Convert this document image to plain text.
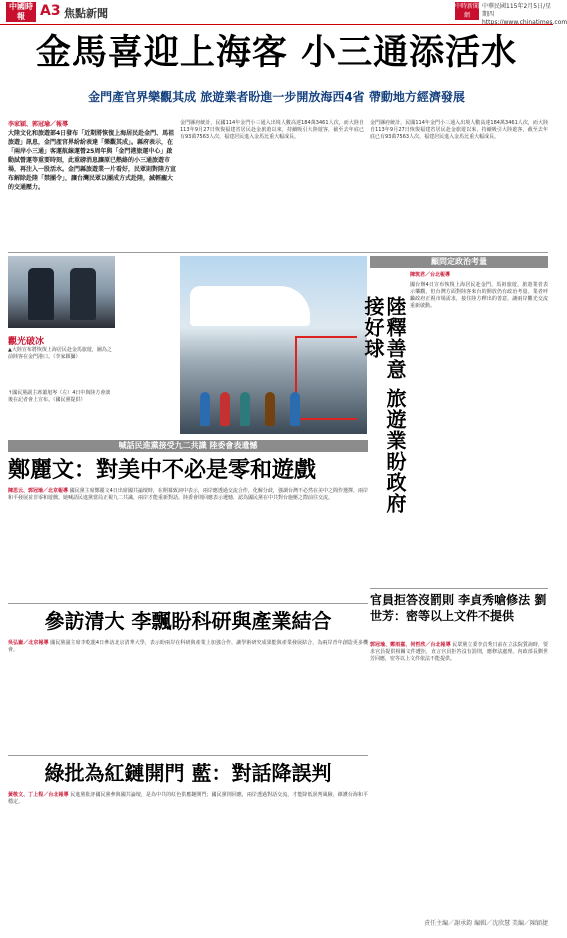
中國時報	A3 焦點新聞
中時新聞網
中華民國115年2月5日/星期四
https://www.chinatimes.com
金馬喜迎上海客 小三通添活水
金門產官界樂觀其成 旅遊業者盼進一步開放海西4省 帶動地方經濟發展
李家穎、郭冠瑜／報導
大陸文化和旅遊部4日發布「近期將恢復上海居民赴金門、馬祖旅遊」訊息，金門產官界紛紛表達「樂觀其成」。縣府表示，在「兩岸小三通」客運航線運營25周年與「金門港旅運中心」啟動試營運等重要時刻，此重磅消息讓原已熱絡的小三通旅遊市場，再注入一股活水。金門縣旅遊業一片看好，民眾則對陸方宣布解除赴陸「禁團令」，讓台灣民眾以團成方式赴陸，減輕龐大的交通壓力。
金門縣府統計，民國114年金門小三通入出境人數高達184萬3461人次，而大陸自113年9月27日恢復福建省居民赴金旅遊以來，持續吸引大陸遊客，截至去年底已有93萬7563人次，福建居民進入金馬比重大幅成長。
金門縣府統計，民國114年金門小三通入出境人數高達184萬3461人次，而大陸自113年9月27日恢復福建省居民赴金旅遊以來，持續吸引大陸遊客，截至去年底已有93萬7563人次，福建居民進入金馬比重大幅成長。
觀光破冰
▲大陸宣布將恢復上海居民赴金馬旅遊，圖為之前陸客在金門港口。（李家穎攝）
↑國民黨副主席蕭旭岑（左）4日中與陸方會談後在記者會上宣布。（國民黨提供）
喊話民進黨接受九二共識 陸委會表遺憾
鄭麗文：對美中不必是零和遊戲
陳思云、郭冠瑜／北京報導 國民黨主席鄭麗文4日出席國共論壇時，在開幕致詞中表示，兩岸應透過交流合作，化解分歧，強調台灣不必然在美中之間作選擇，兩岸和平發展並非零和遊戲。她喊話民進黨當局正視九二共識，兩岸才能重新對話。陸委會則回應表示遺憾，認為國民黨在中共對台施壓之際前往交流。
參訪清大 李飄盼科研與產業結合
吳弘嶽／北京報導 國民黨副主席李乾龍4日參訪北京清華大學，表示盼兩岸在科研與產業上加強合作，讓學術研究成果能與產業發展結合，為兩岸青年創造更多機會。
綠批為紅鏈開門 藍：對話降誤判
黃敬文、丁上程／台北報導 民進黨批評國民黨參與國共論壇，是為中共的紅色供應鏈開門；國民黨則回應，兩岸透過對話交流，才能降低誤判風險，維護台海和平穩定。
顧問定政治考量
陳筑君／台北報導
陸釋善意 旅遊業盼政府接好球
國台辦4日宣布恢復上海居民赴金門、馬祖旅遊，旅遊業者表示樂觀，但台灣方面對陸客來台的開放仍有政治考量。業者呼籲政府正視市場需求，接住陸方釋出的善意，讓兩岸觀光交流重新啟動。
官員拒答沒罰則 李貞秀嗆修法 劉世芳：密等以上文件不提供
郭冠瑜、鄭雨嘉、何哲欣／台北報導 民眾黨立委李貞秀日前在立法院質詢時，要求官員提供相關文件遭拒，直言官員拒答沒有罰則，應修法處理。內政部長劉世芳回應，密等以上文件依法不能提供。
責任主編／謝承鈞 編輯／沈欣慧 美編／陳穎捷
